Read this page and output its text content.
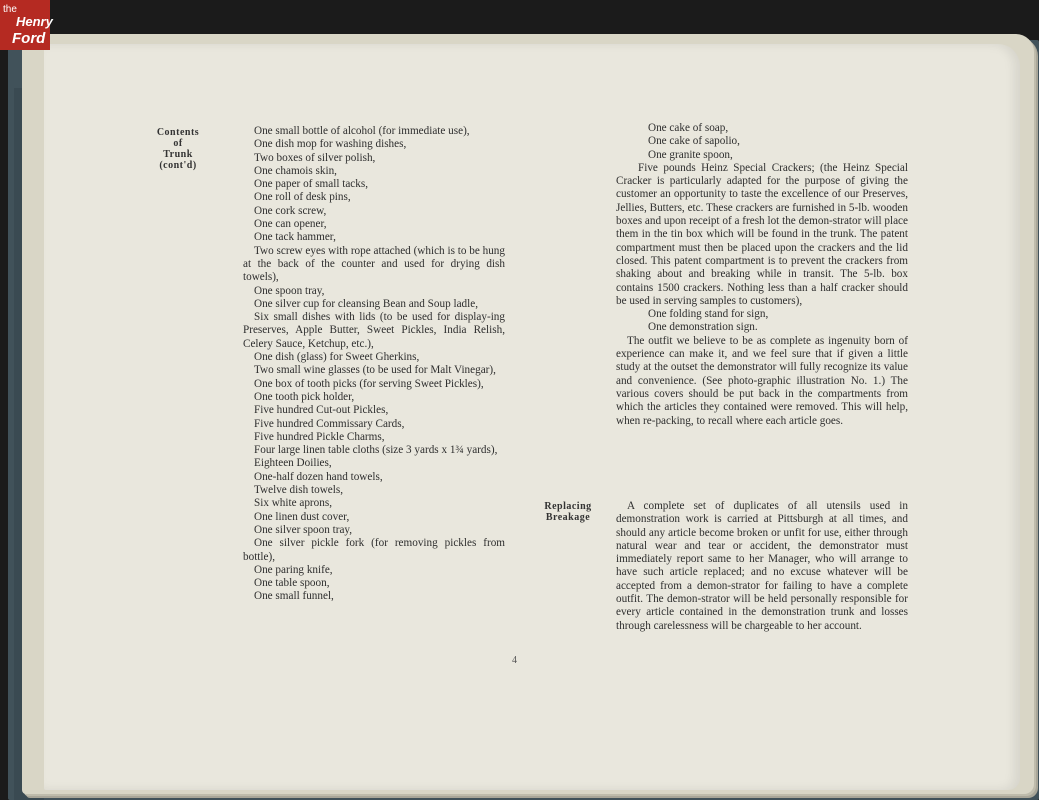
the
Henry
Ford
Contents
of
Trunk
(cont'd)
Replacing
Breakage

One small bottle of alcohol (for immediate use),

One dish mop for washing dishes,

Two boxes of silver polish,

One chamois skin,

One paper of small tacks,

One roll of desk pins,

One cork screw,

One can opener,

One tack hammer,

Two screw eyes with rope attached (which is to be hung at the back of the counter and used for drying dish towels),

One spoon tray,

One silver cup for cleansing Bean and Soup ladle,

Six small dishes with lids (to be used for display-ing Preserves, Apple Butter, Sweet Pickles, India Relish, Celery Sauce, Ketchup, etc.),

One dish (glass) for Sweet Gherkins,

Two small wine glasses (to be used for Malt Vinegar),

One box of tooth picks (for serving Sweet Pickles),

One tooth pick holder,

Five hundred Cut-out Pickles,

Five hundred Commissary Cards,

Five hundred Pickle Charms,

Four large linen table cloths (size 3 yards x 1¾ yards),

Eighteen Doilies,

One-half dozen hand towels,

Twelve dish towels,

Six white aprons,

One linen dust cover,

One silver spoon tray,

One silver pickle fork (for removing pickles from bottle),

One paring knife,

One table spoon,

One small funnel,

One cake of soap,

One cake of sapolio,

One granite spoon,

Five pounds Heinz Special Crackers; (the Heinz Special Cracker is particularly adapted for the purpose of giving the customer an opportunity to taste the excellence of our Preserves, Jellies, Butters, etc. These crackers are furnished in 5-lb. wooden boxes and upon receipt of a fresh lot the demon-strator will place them in the tin box which will be found in the trunk. The patent compartment must then be placed upon the crackers and the lid closed. This patent compartment is to prevent the crackers from shaking about and breaking while in transit. The 5-lb. box contains 1500 crackers. Nothing less than a half cracker should be used in serving samples to customers),

One folding stand for sign,

One demonstration sign.

The outfit we believe to be as complete as ingenuity born of experience can make it, and we feel sure that if given a little study at the outset the demonstrator will fully recognize its value and convenience. (See photo-graphic illustration No. 1.) The various covers should be put back in the compartments from which the articles they contained were removed. This will help, when re-packing, to recall where each article goes.

A complete set of duplicates of all utensils used in demonstration work is carried at Pittsburgh at all times, and should any article become broken or unfit for use, either through natural wear and tear or accident, the demonstrator must immediately report same to her Manager, who will arrange to have such article replaced; and no excuse whatever will be accepted from a demon-strator for failing to have a complete outfit. The demon-strator will be held personally responsible for every article contained in the demonstration trunk and losses through carelessness will be chargeable to her account.

4
